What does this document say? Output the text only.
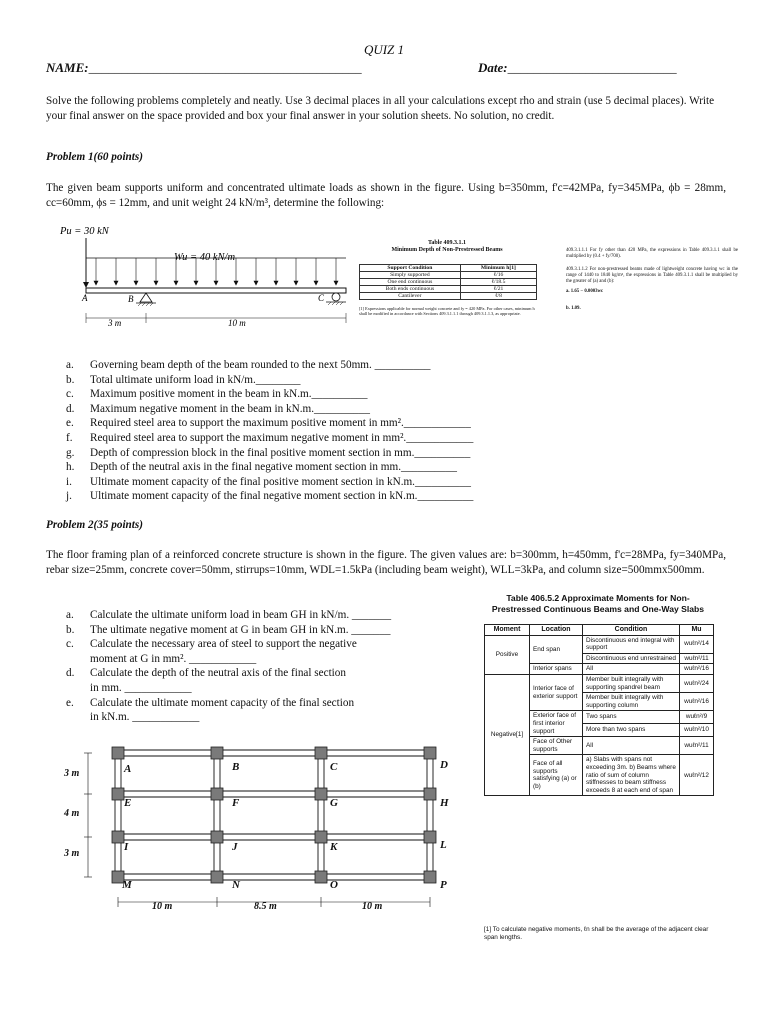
QUIZ 1
NAME:__________________________________________	Date:__________________________
Solve the following problems completely and neatly. Use 3 decimal places in all your calculations except rho and strain (use 5 decimal places). Write your final answer on the space provided and box your final answer in your solution sheets. No solution, no credit.
Problem 1(60 points)
The given beam supports uniform and concentrated ultimate loads as shown in the figure. Using b=350mm, f'c=42MPa, fy=345MPa, ϕb = 28mm, cc=60mm, ϕs = 12mm, and unit weight 24 kN/m³, determine the following:
Pu = 30 kN
Wu = 40 kN/m
A	B	C
3 m	10 m
Table 409.3.1.1
Minimum Depth of Non-Prestressed Beams
Support Condition	Minimum h[1]
Simply supported	ℓ/16
One end continuous	ℓ/18.5
Both ends continuous	ℓ/21
Cantilever	ℓ/8
[1] Expressions applicable for normal weight concrete and fy = 420 MPa. For other cases, minimum h shall be modified in accordance with Sections 409.3.1.1.1 through 409.3.1.1.3, as appropriate.
409.3.1.1.1 For fy other than 420 MPa, the expressions in Table 409.3.1.1 shall be multiplied by (0.4 + fy/700).
409.3.1.1.2 For non-prestressed beams made of lightweight concrete having wc in the range of 1440 to 1840 kg/m³, the expressions in Table 409.3.1.1 shall be multiplied by the greater of (a) and (b):
a. 1.65 − 0.0003wc
b. 1.09.
a.	Governing beam depth of the beam rounded to the next 50mm. __________
b.	Total ultimate uniform load in kN/m.________
c.	Maximum positive moment in the beam in kN.m.__________
d.	Maximum negative moment in the beam in kN.m.__________
e.	Required steel area to support the maximum positive moment in mm².____________
f.	Required steel area to support the maximum negative moment in mm².____________
g.	Depth of compression block in the final positive moment section in mm.__________
h.	Depth of the neutral axis in the final negative moment section in mm.__________
i.	Ultimate moment capacity of the final positive moment section in kN.m.__________
j.	Ultimate moment capacity of the final negative moment section in kN.m.__________
Problem 2(35 points)
The floor framing plan of a reinforced concrete structure is shown in the figure. The given values are: b=300mm, h=450mm, f'c=28MPa, fy=340MPa, rebar size=25mm, concrete cover=50mm, stirrups=10mm, WDL=1.5kPa (including beam weight), WLL=3kPa, and column size=500mmx500mm.
a.	Calculate the ultimate uniform load in beam GH in kN/m. _______
b.	The ultimate negative moment at G in beam GH in kN.m. _______
c.	Calculate the necessary area of steel to support the negative
moment at G in mm². ____________
d.	Calculate the depth of the neutral axis of the final section
in mm. ____________
e.	Calculate the ultimate moment capacity of the final section
in kN.m. ____________
A	B	C	D
E	F	G	H
I	J	K	L
M	N	O	P
3 m
4 m
3 m
10 m	8.5 m	10 m
Table 406.5.2 Approximate Moments for Non-
Prestressed Continuous Beams and One-Way Slabs
Moment	Location	Condition	Mu
Positive	End span	Discontinuous end integral with support	wuℓn²/14
		Discontinuous end unrestrained	wuℓn²/11
	Interior spans	All	wuℓn²/16
Negative[1]	Interior face of exterior support	Member built integrally with supporting spandrel beam	wuℓn²/24
		Member built integrally with supporting column	wuℓn²/16
	Exterior face of first interior support	Two spans	wuℓn²/9
		More than two spans	wuℓn²/10
	Face of Other supports	All	wuℓn²/11
	Face of all supports satisfying (a) or (b)	a) Slabs with spans not exceeding 3m. b) Beams where ratio of sum of column stiffnesses to beam stiffness exceeds 8 at each end of span	wuℓn²/12
[1] To calculate negative moments, ℓn shall be the average of the adjacent clear span lengths.
